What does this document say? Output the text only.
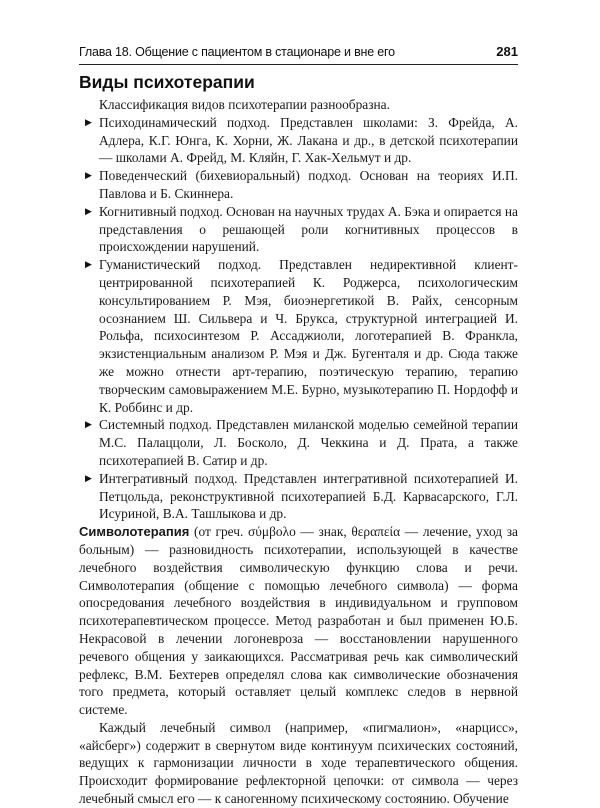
Глава 18. Общение с пациентом в стационаре и вне его	281
Виды психотерапии

Классификация видов психотерапии разнообразна.

▶ Психодинамический подход. Представлен школами: З. Фрейда, А. Адлера, К.Г. Юнга, К. Хорни, Ж. Лакана и др., в детской психотерапии — школами А. Фрейд, М. Кляйн, Г. Хак-Хельмут и др.
▶ Поведенческий (бихевиоральный) подход. Основан на теориях И.П. Павлова и Б. Скиннера.
▶ Когнитивный подход. Основан на научных трудах А. Бэка и опирается на представления о решающей роли когнитивных процессов в происхождении нарушений.
▶ Гуманистический подход. Представлен недирективной клиент-центрированной психотерапией К. Роджерса, психологическим консультированием Р. Мэя, биоэнергетикой В. Райх, сенсорным осознанием Ш. Сильвера и Ч. Брукса, структурной интеграцией И. Рольфа, психосинтезом Р. Ассаджиоли, логотерапией В. Франкла, экзистенциальным анализом Р. Мэя и Дж. Бугенталя и др. Сюда также же можно отнести арт-терапию, поэтическую терапию, терапию творческим самовыражением М.Е. Бурно, музыкотерапию П. Нордофф и К. Роббинс и др.
▶ Системный подход. Представлен миланской моделью семейной терапии М.С. Палаццоли, Л. Босколо, Д. Чеккина и Д. Прата, а также психотерапией В. Сатир и др.
▶ Интегративный подход. Представлен интегративной психотерапией И. Петцольда, реконструктивной психотерапией Б.Д. Карвасарского, Г.Л. Исуриной, В.А. Ташлыкова и др.

Символотерапия (от греч. σύμβολο — знак, θεραπεία — лечение, уход за больным) — разновидность психотерапии, использующей в качестве лечебного воздействия символическую функцию слова и речи. Символотерапия (общение с помощью лечебного символа) — форма опосредования лечебного воздействия в индивидуальном и групповом психотерапевтическом процессе. Метод разработан и был применен Ю.Б. Некрасовой в лечении логоневроза — восстановлении нарушенного речевого общения у заикающихся. Рассматривая речь как символический рефлекс, В.М. Бехтерев определял слова как символические обозначения того предмета, который оставляет целый комплекс следов в нервной системе.

Каждый лечебный символ (например, «пигмалион», «нарцисс», «айсберг») содержит в свернутом виде континуум психических состояний, ведущих к гармонизации личности в ходе терапевтического общения. Происходит формирование рефлекторной цепочки: от символа — через лечебный смысл его — к саногенному психическому состоянию. Обучение
